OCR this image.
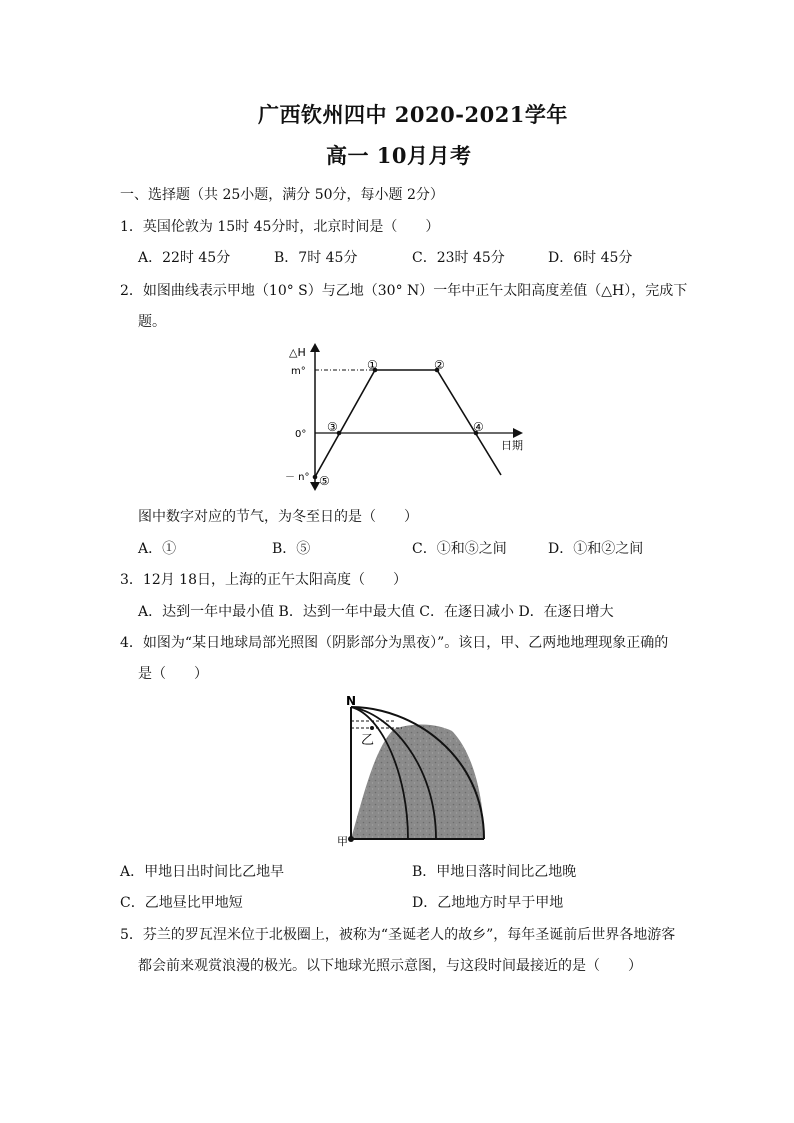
广西钦州四中 2020-2021学年
高一 10月月考
一、选择题（共 25小题，满分 50分，每小题 2分）
1．英国伦敦为 15时 45分时，北京时间是（　　）
A．22时 45分	B．7时 45分	C．23时 45分	D．6时 45分
2．如图曲线表示甲地（10° S）与乙地（30° N）一年中正午太阳高度差值（△H），完成下
题。
△H
m°
0°
－ n°
日期
①	②
③	④
⑤
图中数字对应的节气，为冬至日的是（　　）
A．①	B．⑤	C．①和⑤之间	D．①和②之间
3．12月 18日，上海的正午太阳高度（　　）
A．达到一年中最小值 B．达到一年中最大值 C．在逐日减小 D．在逐日增大
4．如图为“某日地球局部光照图（阴影部分为黑夜）”。该日，甲、乙两地地理现象正确的
是（　　）
N
乙
甲
A．甲地日出时间比乙地早	B．甲地日落时间比乙地晚
C．乙地昼比甲地短	D．乙地地方时早于甲地
5．芬兰的罗瓦涅米位于北极圈上，被称为“圣诞老人的故乡”，每年圣诞前后世界各地游客
都会前来观赏浪漫的极光。以下地球光照示意图，与这段时间最接近的是（　　）
